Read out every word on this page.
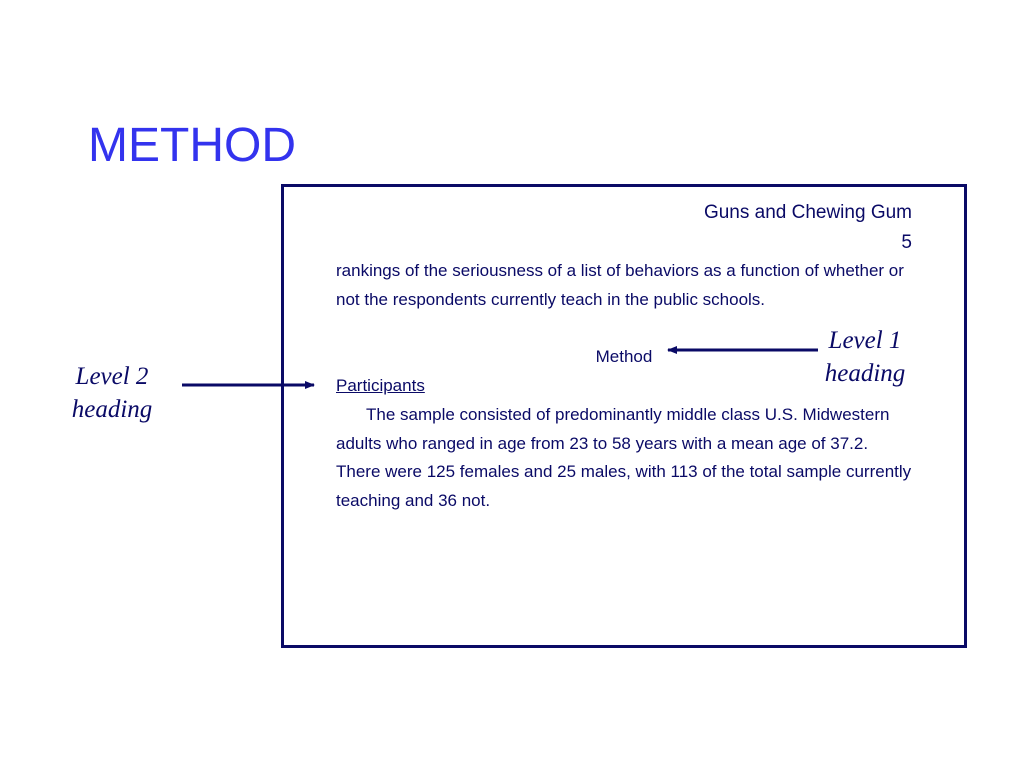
METHOD
Guns and Chewing Gum
5
rankings of the seriousness of a list of behaviors as a function of whether or not the respondents currently teach in the public schools.
Method
Participants
The sample consisted of predominantly middle class U.S. Midwestern adults who ranged in age from 23 to 58 years with a mean age of 37.2. There were 125 females and 25 males, with 113 of the total sample currently teaching and 36 not.
Level 2
heading
Level 1
heading
